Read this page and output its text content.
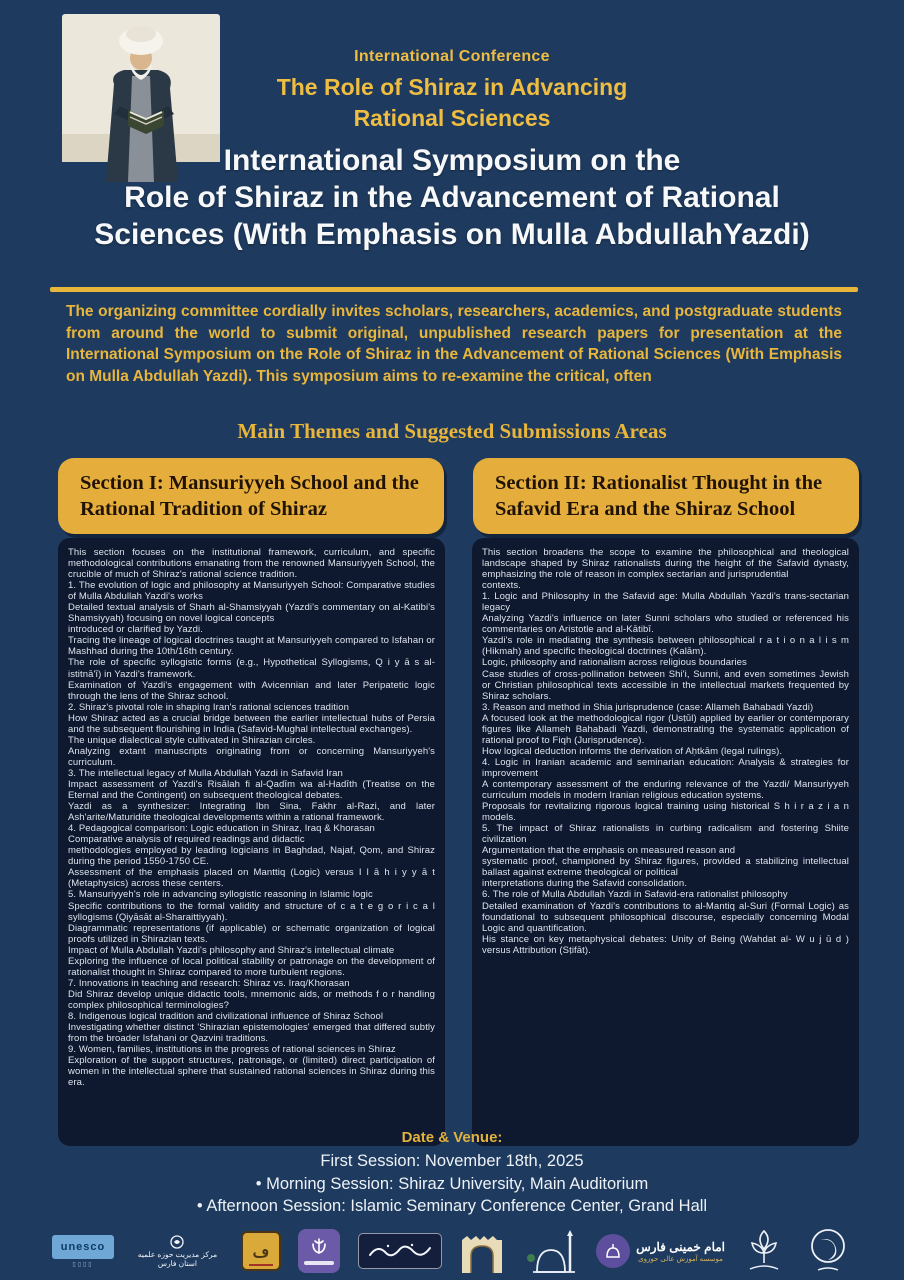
International Conference
The Role of Shiraz in Advancing
Rational Sciences
International Symposium on the
Role of Shiraz in the Advancement of Rational
Sciences (With Emphasis on Mulla AbdullahYazdi)
The organizing committee cordially invites scholars, researchers, academics, and postgraduate students from around the world to submit original, unpublished research papers for presentation at the International Symposium on the Role of Shiraz in the Advancement of Rational Sciences (With Emphasis on Mulla Abdullah Yazdi). This symposium aims to re-examine the critical, often
Main Themes and Suggested Submissions Areas
Section I: Mansuriyyeh School and the
Rational Tradition of Shiraz

This section focuses on the institutional framework, curriculum, and specific methodological contributions emanating from the renowned Mansuriyyeh School, the crucible of much of Shiraz's rational science tradition.

1. The evolution of logic and philosophy at Mansuriyyeh School: Comparative studies of Mulla Abdullah Yazdi's works

Detailed textual analysis of Sharh al-Shamsiyyah (Yazdi's commentary on al-Katibi's Shamsiyyah) focusing on novel logical concepts

introduced or clarified by Yazdi.

Tracing the lineage of logical doctrines taught at Mansuriyyeh compared to Isfahan or Mashhad during the 10th/16th century.

The role of specific syllogistic forms (e.g., Hypothetical Syllogisms, Q i y ā s al-istitnā'ī) in Yazdi's framework.

Examination of Yazdi's engagement with Avicennian and later Peripatetic logic through the lens of the Shiraz school.

2. Shiraz's pivotal role in shaping Iran's rational sciences tradition

How Shiraz acted as a crucial bridge between the earlier intellectual hubs of Persia and the subsequent flourishing in India (Safavid-Mughal intellectual exchanges).

The unique dialectical style cultivated in Shirazian circles.

Analyzing extant manuscripts originating from or concerning Mansuriyyeh's curriculum.

3. The intellectual legacy of Mulla Abdullah Yazdi in Safavid Iran

Impact assessment of Yazdi's Risālah fi al-Qadīm wa al-Hadīth (Treatise on the Eternal and the Contingent) on subsequent theological debates.

Yazdi as a synthesizer: Integrating Ibn Sina, Fakhr al-Razi, and later Ash'arite/Maturidite theological developments within a rational framework.

4. Pedagogical comparison: Logic education in Shiraz, Iraq & Khorasan

Comparative analysis of required readings and didactic

methodologies employed by leading logicians in Baghdad, Najaf, Qom, and Shiraz during the period 1550-1750 CE.

Assessment of the emphasis placed on Manttiq (Logic) versus I l ā h i y y ā t (Metaphysics) across these centers.

5. Mansuriyyeh's role in advancing syllogistic reasoning in Islamic logic

Specific contributions to the formal validity and structure of c a t e g o r i c a l syllogisms (Qiyāsāt al-Sharaittiyyah).

Diagrammatic representations (if applicable) or schematic organization of logical proofs utilized in Shirazian texts.

Impact of Mulla Abdullah Yazdi's philosophy and Shiraz's intellectual climate

Exploring the influence of local political stability or patronage on the development of rationalist thought in Shiraz compared to more turbulent regions.

7. Innovations in teaching and research: Shiraz vs. Iraq/Khorasan

Did Shiraz develop unique didactic tools, mnemonic aids, or methods f o r handling complex philosophical terminologies?

8. Indigenous logical tradition and civilizational influence of Shiraz School

Investigating whether distinct 'Shirazian epistemologies' emerged that differed subtly from the broader Isfahani or Qazvini traditions.

9. Women, families, institutions in the progress of rational sciences in Shiraz

Exploration of the support structures, patronage, or (limited) direct participation of women in the intellectual sphere that sustained rational sciences in Shiraz during this era.

Section II: Rationalist Thought in the
Safavid Era and the Shiraz School

This section broadens the scope to examine the philosophical and theological landscape shaped by Shiraz rationalists during the height of the Safavid dynasty, emphasizing the role of reason in complex sectarian and jurisprudential

contexts.

1. Logic and Philosophy in the Safavid age: Mulla Abdullah Yazdi's trans-sectarian legacy

Analyzing Yazdi's influence on later Sunni scholars who studied or referenced his commentaries on Aristotle and al-Kātibī.

Yazdi's role in mediating the synthesis between philosophical r a t i o n a l i s m (Hikmah) and specific theological doctrines (Kalām).

Logic, philosophy and rationalism across religious boundaries

Case studies of cross-pollination between Shi'i, Sunni, and even sometimes Jewish or Christian philosophical texts accessible in the intellectual markets frequented by Shiraz scholars.

3. Reason and method in Shia jurisprudence (case: Allameh Bahabadi Yazdi)

A focused look at the methodological rigor (Usṭūl) applied by earlier or contemporary figures like Allameh Bahabadi Yazdi, demonstrating the systematic application of rational proof to Fiqh (Jurisprudence).

How logical deduction informs the derivation of Aḥtkām (legal rulings).

4. Logic in Iranian academic and seminarian education: Analysis & strategies for improvement

A contemporary assessment of the enduring relevance of the Yazdi/ Mansuriyyeh curriculum models in modern Iranian religious education systems.

Proposals for revitalizing rigorous logical training using historical S h i r a z i a n models.

5. The impact of Shiraz rationalists in curbing radicalism and fostering Shiite civilization

Argumentation that the emphasis on measured reason and

systematic proof, championed by Shiraz figures, provided a stabilizing intellectual ballast against extreme theological or political

interpretations during the Safavid consolidation.

6. The role of Mulla Abdullah Yazdi in Safavid-era rationalist philosophy

Detailed examination of Yazdi's contributions to al-Mantiq al-Suri (Formal Logic) as foundational to subsequent philosophical discourse, especially concerning Modal Logic and quantification.

His stance on key metaphysical debates: Unity of Being (Wahdat al- W u j ū d ) versus Attribution (Sṭifāt).

Date & Venue:

First Session: November 18th, 2025

• Morning Session: Shiraz University, Main Auditorium

• Afternoon Session: Islamic Seminary Conference Center, Grand Hall

unesco
▯▯▯▯
مرکز مدیریت حوزه علمیه استان فارس
ڡ	امام خمینی فارس
موسسه آموزش عالی حوزوی
